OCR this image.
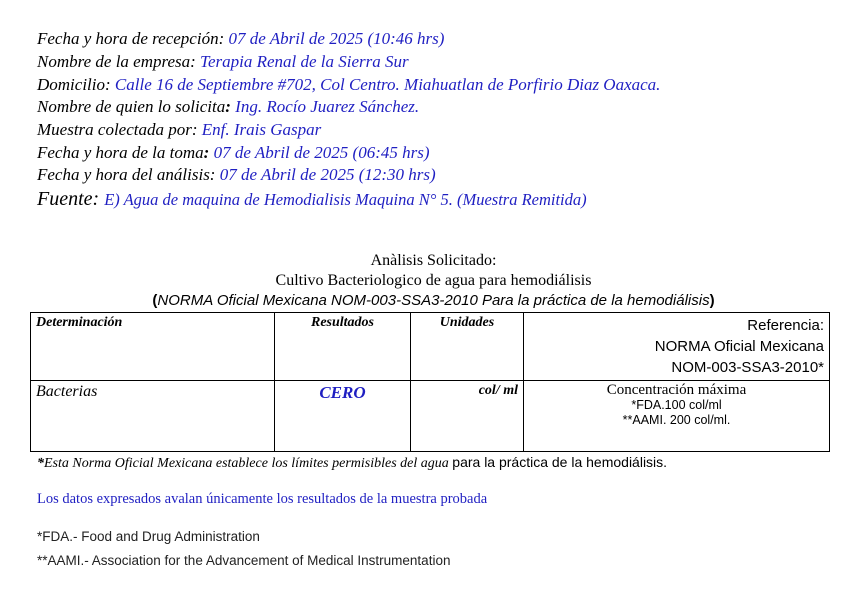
Fecha y hora de recepción: 07 de Abril de 2025 (10:46 hrs)
Nombre de la empresa: Terapia Renal de la Sierra Sur
Domicilio: Calle 16 de Septiembre #702, Col Centro. Miahuatlan de Porfirio Diaz Oaxaca.
Nombre de quien lo solicita: Ing. Rocío Juarez Sánchez.
Muestra colectada por: Enf. Irais Gaspar
Fecha y hora de la toma: 07 de Abril de 2025 (06:45 hrs)
Fecha y hora del análisis: 07 de Abril de 2025 (12:30 hrs)
Fuente: E) Agua de maquina de Hemodialisis Maquina N° 5. (Muestra Remitida)
Anàlisis Solicitado:
Cultivo Bacteriologico de agua para hemodiálisis
(NORMA Oficial Mexicana NOM-003-SSA3-2010 Para la práctica de la hemodiálisis)
Determinación	Resultados	Unidades	Referencia:
NORMA Oficial Mexicana
NOM-003-SSA3-2010*

Bacterias	CERO	col/ ml	Concentración máxima
*FDA.100 col/ml
**AAMI. 200 col/ml.
*Esta Norma Oficial Mexicana establece los límites permisibles del agua para la práctica de la hemodiálisis.
Los datos expresados avalan únicamente los resultados de la muestra probada
*FDA.- Food and Drug Administration
**AAMI.- Association for the Advancement of Medical Instrumentation
